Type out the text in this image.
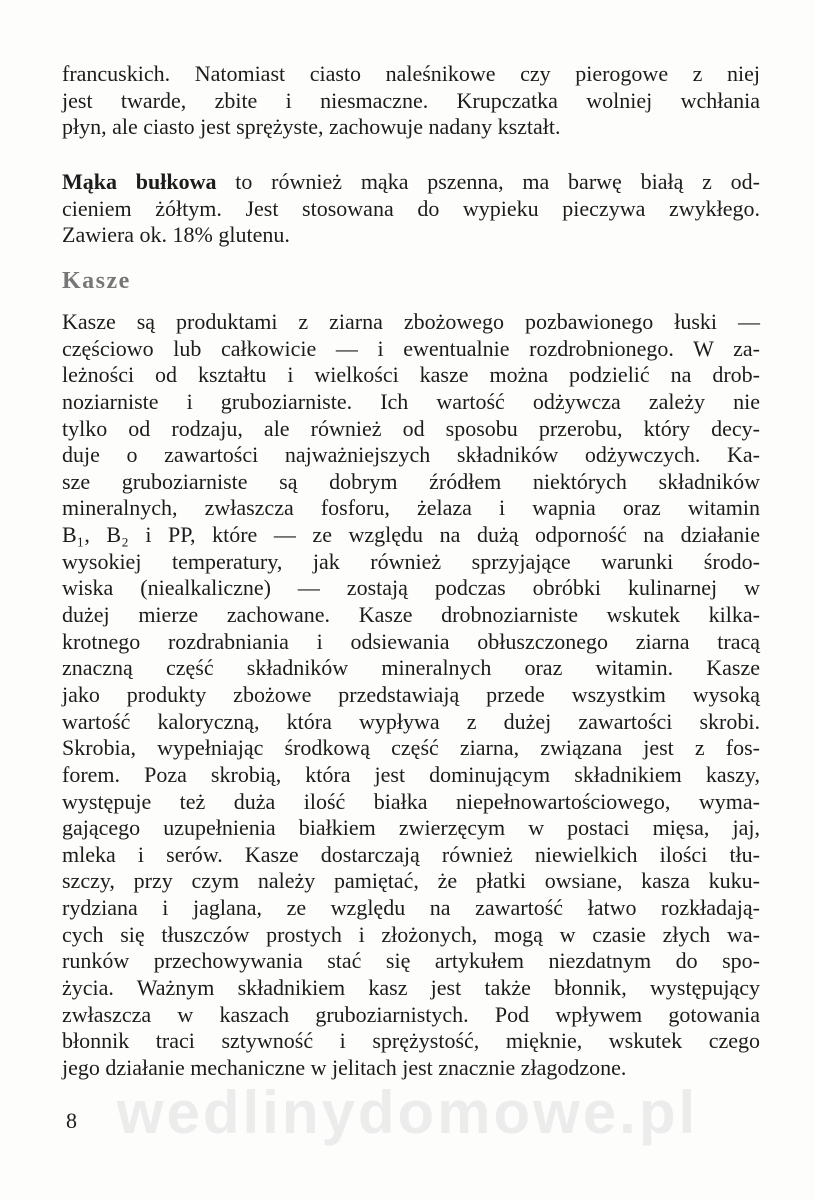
wedlinydomowe.pl
francuskich. Natomiast ciasto naleśnikowe czy pierogowe z niej
jest twarde, zbite i niesmaczne. Krupczatka wolniej wchłania
płyn, ale ciasto jest sprężyste, zachowuje nadany kształt.
Mąka bułkowa to również mąka pszenna, ma barwę białą z od-
cieniem żółtym. Jest stosowana do wypieku pieczywa zwykłego.
Zawiera ok. 18% glutenu.
Kasze
Kasze są produktami z ziarna zbożowego pozbawionego łuski —
częściowo lub całkowicie — i ewentualnie rozdrobnionego. W za-
leżności od kształtu i wielkości kasze można podzielić na drob-
noziarniste i gruboziarniste. Ich wartość odżywcza zależy nie
tylko od rodzaju, ale również od sposobu przerobu, który decy-
duje o zawartości najważniejszych składników odżywczych. Ka-
sze gruboziarniste są dobrym źródłem niektórych składników
mineralnych, zwłaszcza fosforu, żelaza i wapnia oraz witamin
B₁, B₂ i PP, które — ze względu na dużą odporność na działanie
wysokiej temperatury, jak również sprzyjające warunki środo-
wiska (niealkaliczne) — zostają podczas obróbki kulinarnej w
dużej mierze zachowane. Kasze drobnoziarniste wskutek kilka-
krotnego rozdrabniania i odsiewania obłuszczonego ziarna tracą
znaczną część składników mineralnych oraz witamin. Kasze
jako produkty zbożowe przedstawiają przede wszystkim wysoką
wartość kaloryczną, która wypływa z dużej zawartości skrobi.
Skrobia, wypełniając środkową część ziarna, związana jest z fos-
forem. Poza skrobią, która jest dominującym składnikiem kaszy,
występuje też duża ilość białka niepełnowartościowego, wyma-
gającego uzupełnienia białkiem zwierzęcym w postaci mięsa, jaj,
mleka i serów. Kasze dostarczają również niewielkich ilości tłu-
szczy, przy czym należy pamiętać, że płatki owsiane, kasza kuku-
rydziana i jaglana, ze względu na zawartość łatwo rozkładają-
cych się tłuszczów prostych i złożonych, mogą w czasie złych wa-
runków przechowywania stać się artykułem niezdatnym do spo-
życia. Ważnym składnikiem kasz jest także błonnik, występujący
zwłaszcza w kaszach gruboziarnistych. Pod wpływem gotowania
błonnik traci sztywność i sprężystość, mięknie, wskutek czego
jego działanie mechaniczne w jelitach jest znacznie złagodzone.
8
